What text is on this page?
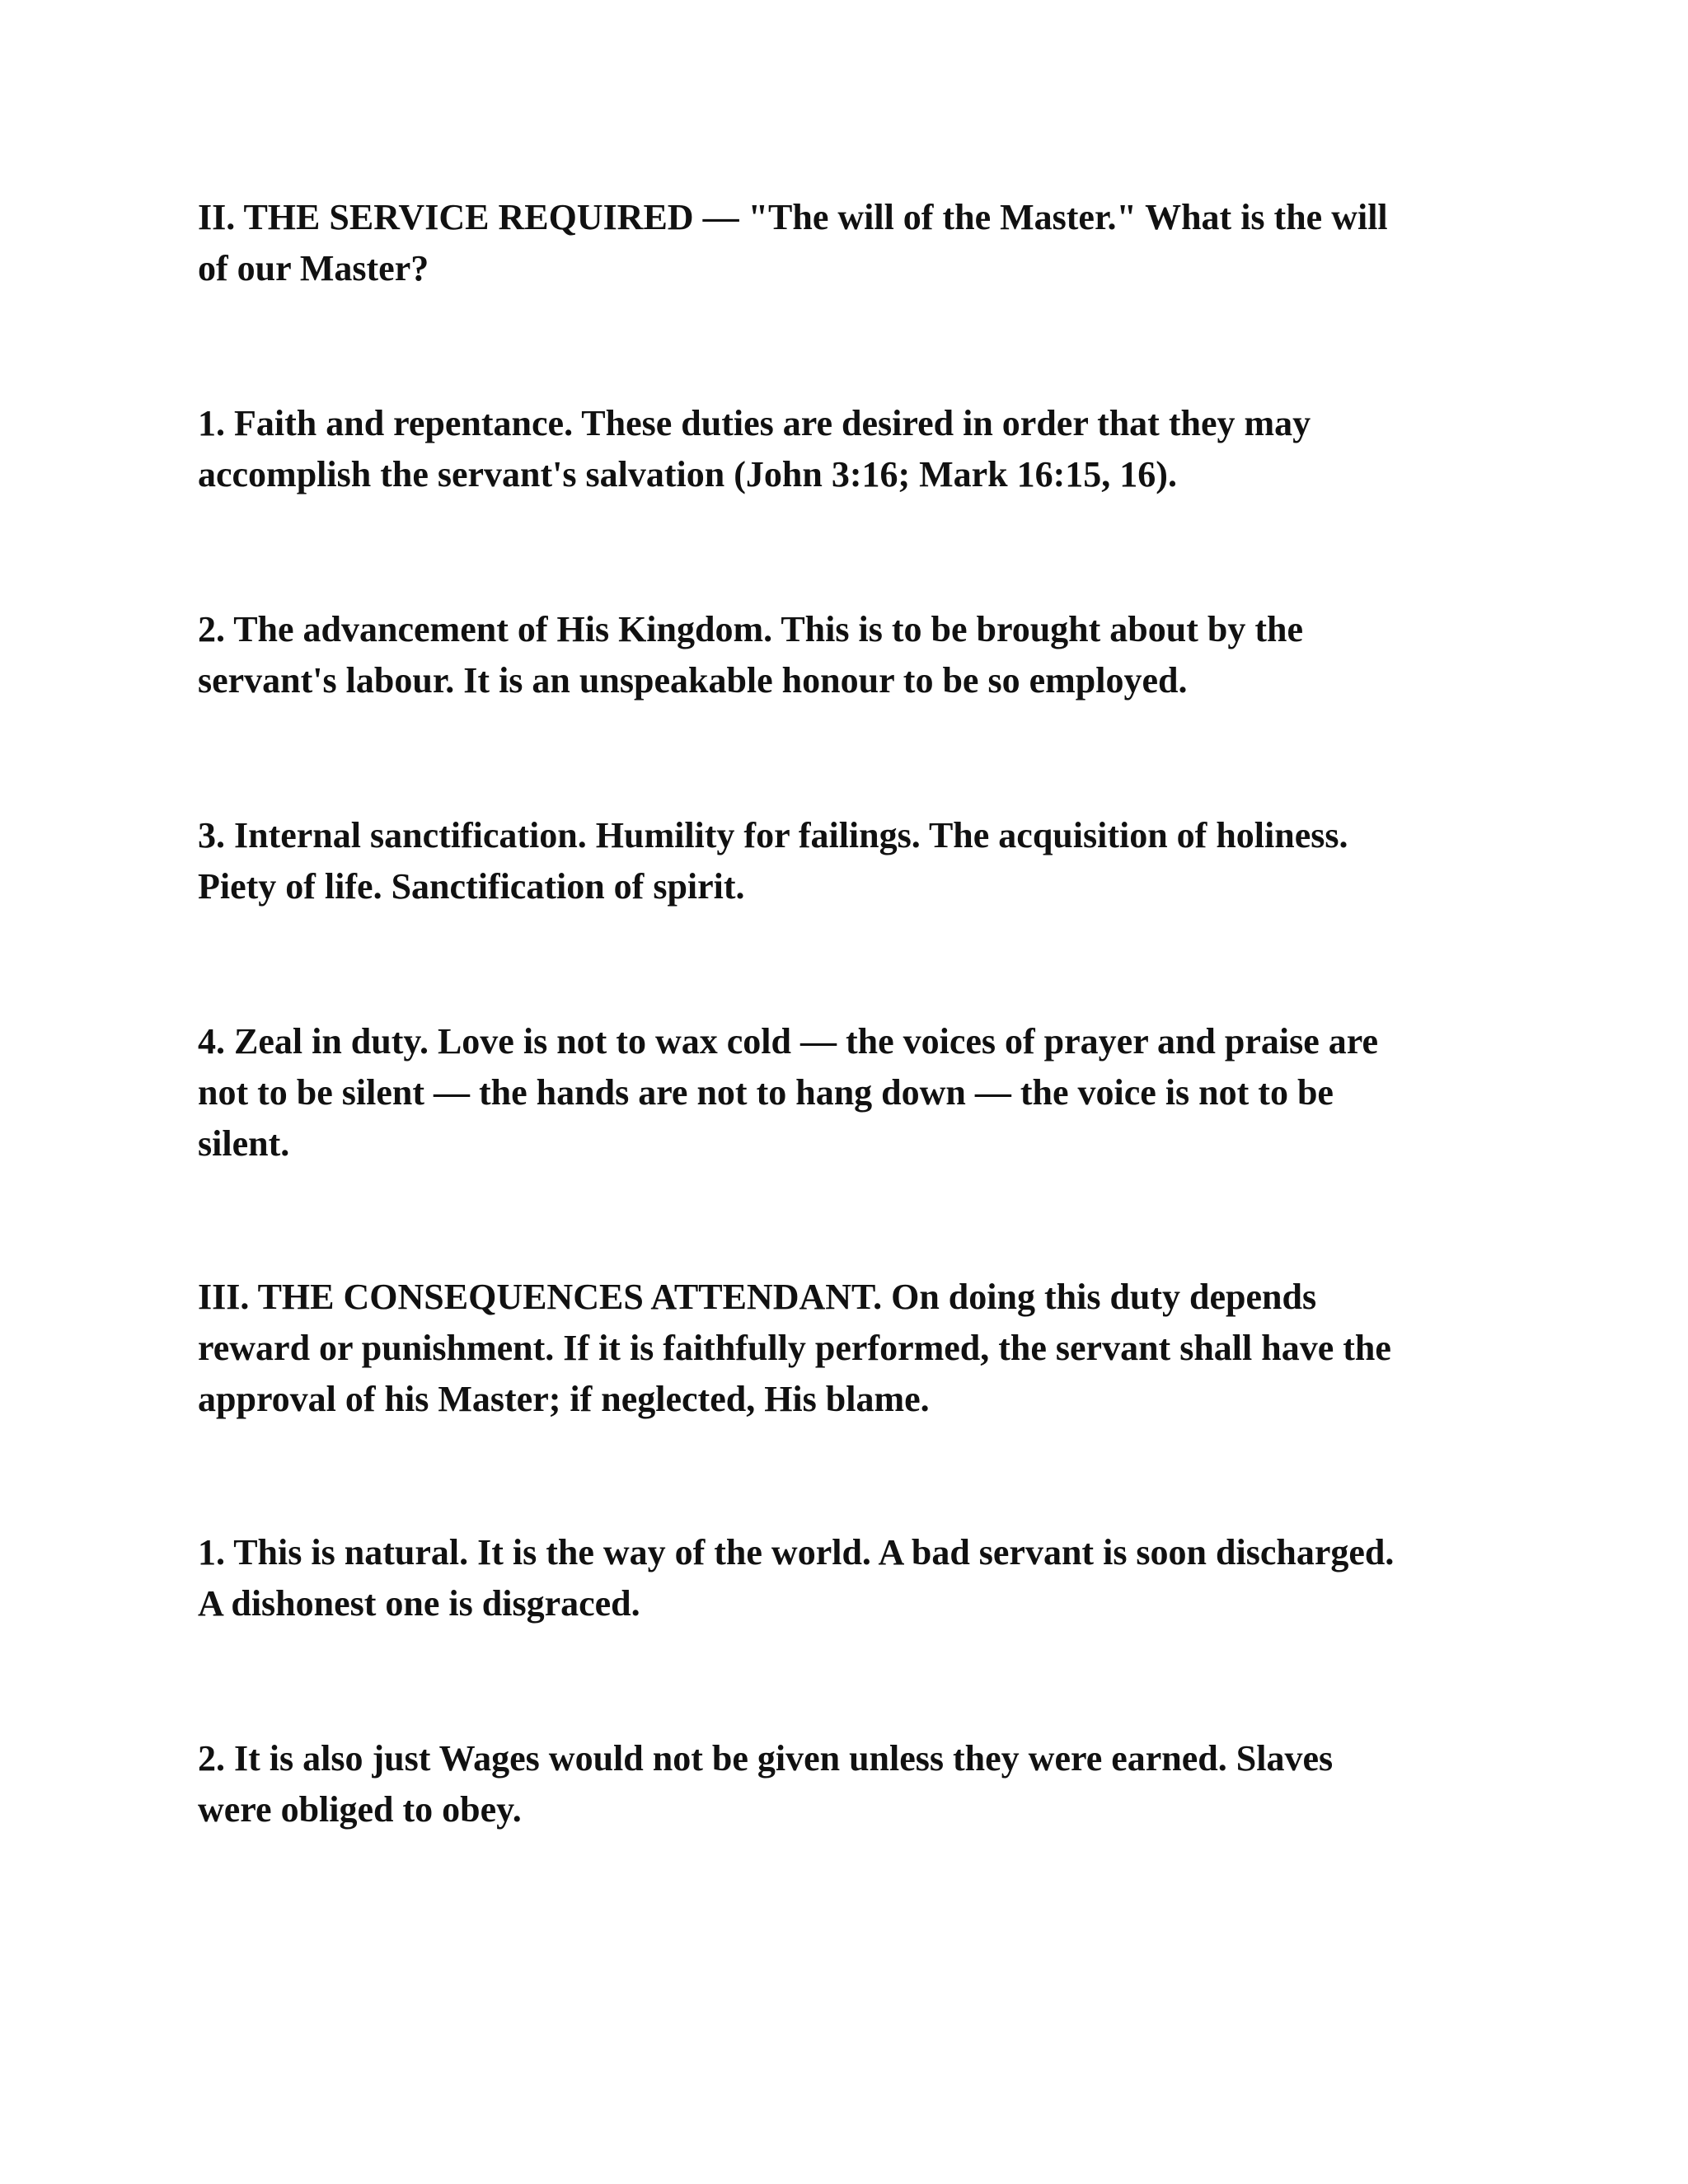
II. THE SERVICE REQUIRED — "The will of the Master." What is the will
of our Master?

1. Faith and repentance. These duties are desired in order that they may
accomplish the servant's salvation (John 3:16; Mark 16:15, 16).

2. The advancement of His Kingdom. This is to be brought about by the
servant's labour. It is an unspeakable honour to be so employed.

3. Internal sanctification. Humility for failings. The acquisition of holiness.
Piety of life. Sanctification of spirit.

4. Zeal in duty. Love is not to wax cold — the voices of prayer and praise are
not to be silent — the hands are not to hang down — the voice is not to be
silent.

III. THE CONSEQUENCES ATTENDANT. On doing this duty depends
reward or punishment. If it is faithfully performed, the servant shall have the
approval of his Master; if neglected, His blame.

1. This is natural. It is the way of the world. A bad servant is soon discharged.
A dishonest one is disgraced.

2. It is also just Wages would not be given unless they were earned. Slaves
were obliged to obey.
